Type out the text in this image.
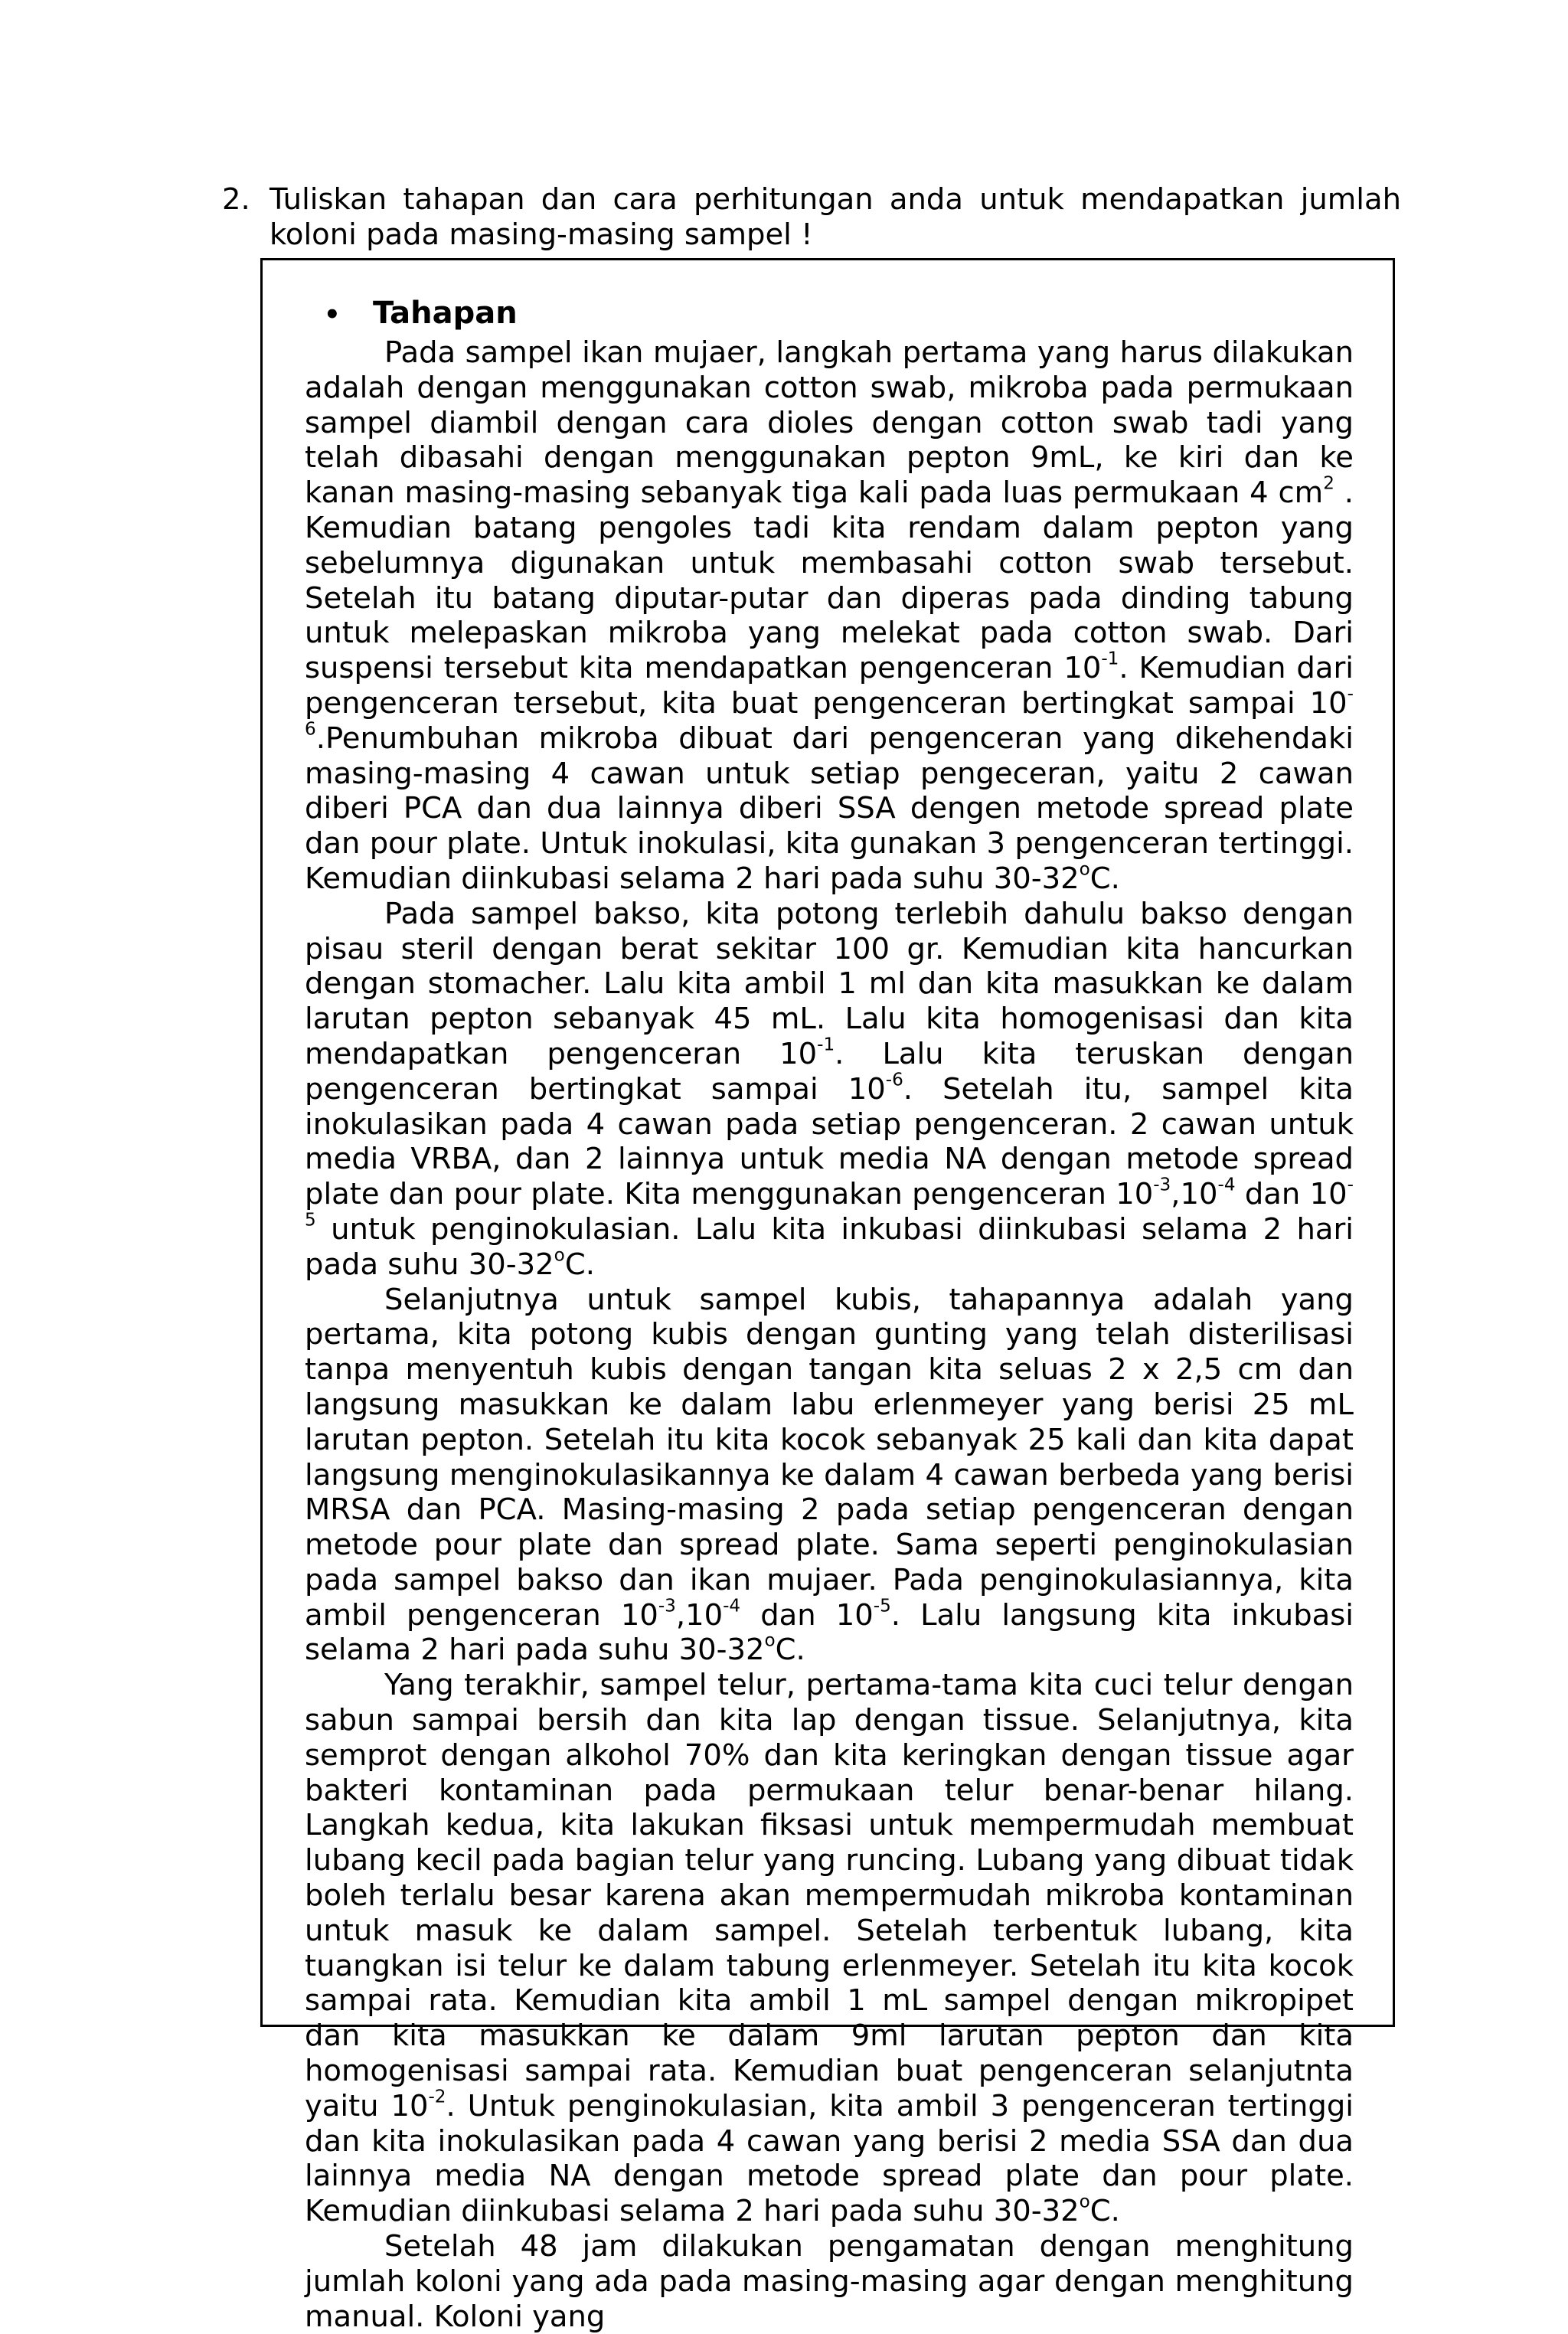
2. Tuliskan tahapan dan cara perhitungan anda untuk mendapatkan jumlah koloni pada masing-masing sampel !
• Tahapan

Pada sampel ikan mujaer, langkah pertama yang harus dilakukan adalah dengan menggunakan cotton swab, mikroba pada permukaan sampel diambil dengan cara dioles dengan cotton swab tadi yang telah dibasahi dengan menggunakan pepton 9mL, ke kiri dan ke kanan masing-masing sebanyak tiga kali pada luas permukaan 4 $cm^2$ . Kemudian batang pengoles tadi kita rendam dalam pepton yang sebelumnya digunakan untuk membasahi cotton swab tersebut. Setelah itu batang diputar-putar dan diperas pada dinding tabung untuk melepaskan mikroba yang melekat pada cotton swab. Dari suspensi tersebut kita mendapatkan pengenceran $10^{-1}$. Kemudian dari pengenceran tersebut, kita buat pengenceran bertingkat sampai $10^{-6}.Penumbuhan$ mikroba dibuat dari pengenceran yang dikehendaki masing-masing 4 cawan untuk setiap pengeceran, yaitu 2 cawan diberi PCA dan dua lainnya diberi SSA dengen metode spread plate dan pour plate. Untuk inokulasi, kita gunakan 3 pengenceran tertinggi. Kemudian diinkubasi selama 2 hari pada suhu 30-32$^o$C.

Pada sampel bakso, kita potong terlebih dahulu bakso dengan pisau steril dengan berat sekitar 100 gr. Kemudian kita hancurkan dengan stomacher. Lalu kita ambil 1 ml dan kita masukkan ke dalam larutan pepton sebanyak 45 mL. Lalu kita homogenisasi dan kita mendapatkan pengenceran $10^{-1}$. Lalu kita teruskan dengan pengenceran bertingkat sampai $10^{-6}$. Setelah itu, sampel kita inokulasikan pada 4 cawan pada setiap pengenceran. 2 cawan untuk media VRBA, dan 2 lainnya untuk media NA dengan metode spread plate dan pour plate. Kita menggunakan pengenceran $10^{-3},10^{-4}$ dan $10^{-5}$ untuk penginokulasian. Lalu kita inkubasi diinkubasi selama 2 hari pada suhu 30-32$^o$C.

Selanjutnya untuk sampel kubis, tahapannya adalah yang pertama, kita potong kubis dengan gunting yang telah disterilisasi tanpa menyentuh kubis dengan tangan kita seluas 2 x 2,5 cm dan langsung masukkan ke dalam labu erlenmeyer yang berisi 25 mL larutan pepton. Setelah itu kita kocok sebanyak 25 kali dan kita dapat langsung menginokulasikannya ke dalam 4 cawan berbeda yang berisi MRSA dan PCA. Masing-masing 2 pada setiap pengenceran dengan metode pour plate dan spread plate. Sama seperti penginokulasian pada sampel bakso dan ikan mujaer. Pada penginokulasiannya, kita ambil pengenceran $10^{-3},10^{-4}$ dan $10^{-5}$. Lalu langsung kita inkubasi selama 2 hari pada suhu 30-32$^o$C.

Yang terakhir, sampel telur, pertama-tama kita cuci telur dengan sabun sampai bersih dan kita lap dengan tissue. Selanjutnya, kita semprot dengan alkohol 70% dan kita keringkan dengan tissue agar bakteri kontaminan pada permukaan telur benar-benar hilang. Langkah kedua, kita lakukan fiksasi untuk mempermudah membuat lubang kecil pada bagian telur yang runcing. Lubang yang dibuat tidak boleh terlalu besar karena akan mempermudah mikroba kontaminan untuk masuk ke dalam sampel. Setelah terbentuk lubang, kita tuangkan isi telur ke dalam tabung erlenmeyer. Setelah itu kita kocok sampai rata. Kemudian kita ambil 1 mL sampel dengan mikropipet dan kita masukkan ke dalam 9ml larutan pepton dan kita homogenisasi sampai rata. Kemudian buat pengenceran selanjutnta yaitu $10^{-2}$. Untuk penginokulasian, kita ambil 3 pengenceran tertinggi dan kita inokulasikan pada 4 cawan yang berisi 2 media SSA dan dua lainnya media NA dengan metode spread plate dan pour plate. Kemudian diinkubasi selama 2 hari pada suhu 30-32$^o$C.

Setelah 48 jam dilakukan pengamatan dengan menghitung jumlah koloni yang ada pada masing-masing agar dengan menghitung manual. Koloni yang
